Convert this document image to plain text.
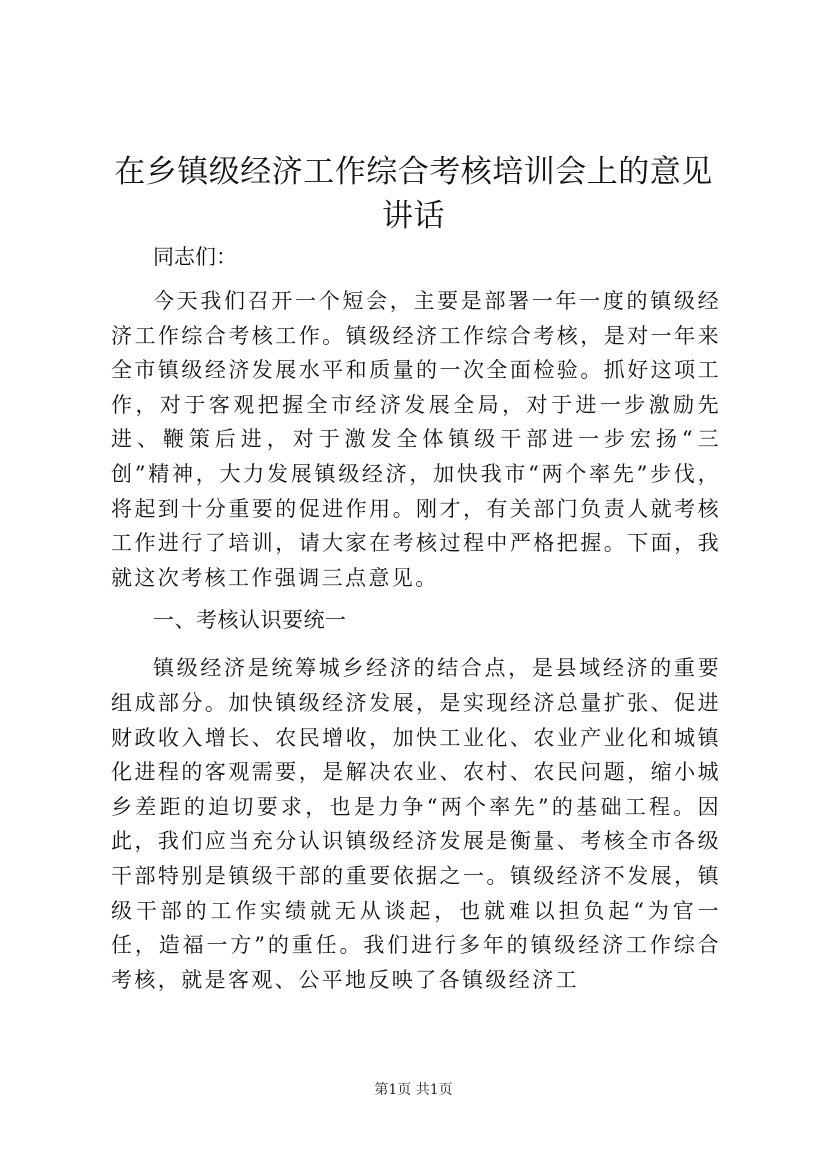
在乡镇级经济工作综合考核培训会上的意见讲话

同志们：

今天我们召开一个短会，主要是部署一年一度的镇级经济工作综合考核工作。镇级经济工作综合考核，是对一年来全市镇级经济发展水平和质量的一次全面检验。抓好这项工作，对于客观把握全市经济发展全局，对于进一步激励先进、鞭策后进，对于激发全体镇级干部进一步宏扬“三创”精神，大力发展镇级经济，加快我市“两个率先”步伐，将起到十分重要的促进作用。刚才，有关部门负责人就考核工作进行了培训，请大家在考核过程中严格把握。下面，我就这次考核工作强调三点意见。

一、考核认识要统一

镇级经济是统筹城乡经济的结合点，是县域经济的重要组成部分。加快镇级经济发展，是实现经济总量扩张、促进财政收入增长、农民增收，加快工业化、农业产业化和城镇化进程的客观需要，是解决农业、农村、农民问题，缩小城乡差距的迫切要求，也是力争“两个率先”的基础工程。因此，我们应当充分认识镇级经济发展是衡量、考核全市各级干部特别是镇级干部的重要依据之一。镇级经济不发展，镇级干部的工作实绩就无从谈起，也就难以担负起“为官一任，造福一方”的重任。我们进行多年的镇级经济工作综合考核，就是客观、公平地反映了各镇级经济工

第1页 共1页
